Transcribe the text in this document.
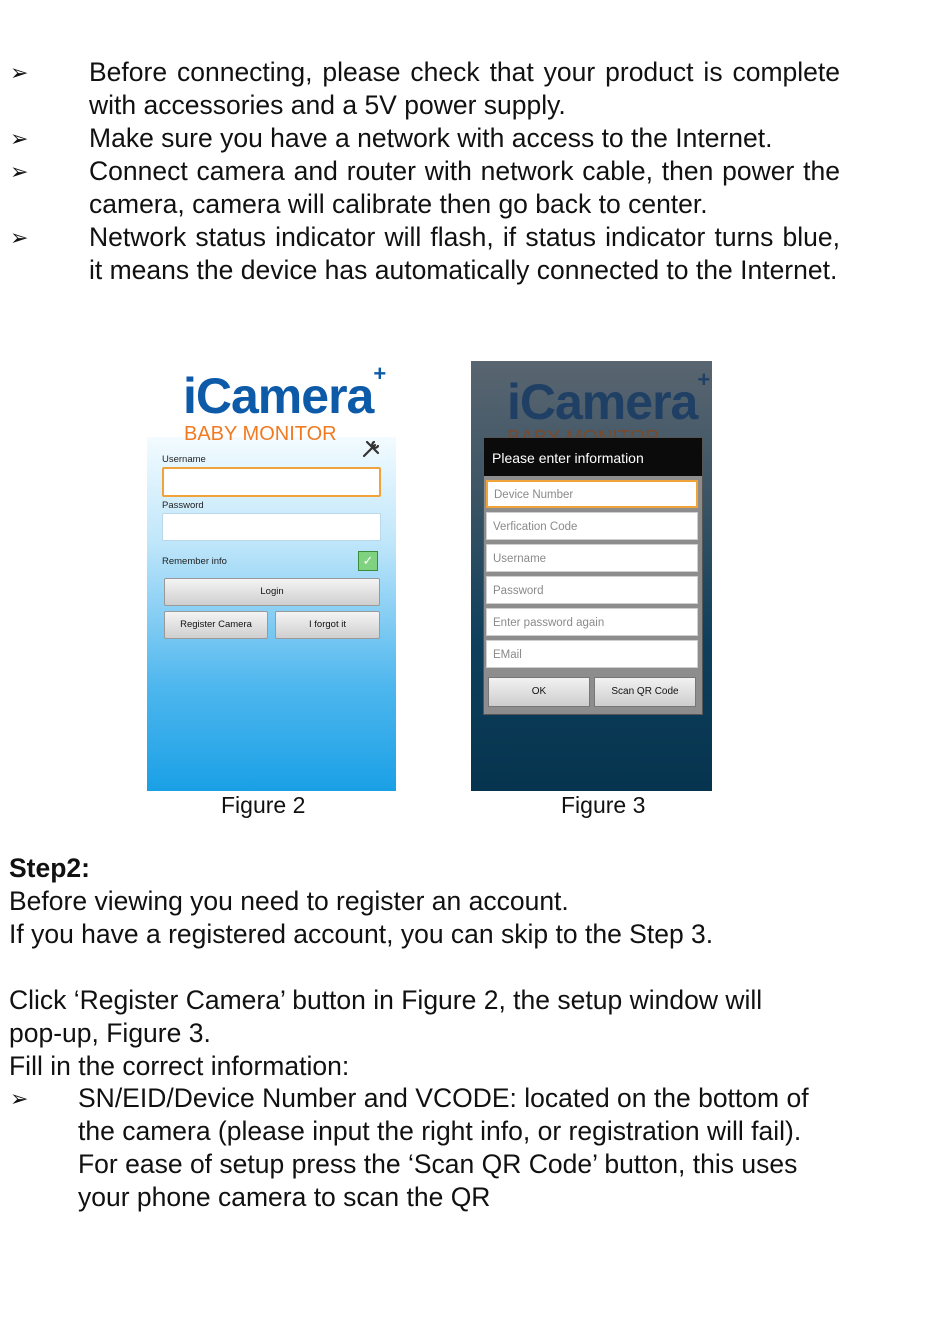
➢	Before connecting, please check that your product is complete with accessories and a 5V power supply.
➢	Make sure you have a network with access to the Internet.
➢	Connect camera and router with network cable, then power the camera, camera will calibrate then go back to center.
➢	Network status indicator will flash, if status indicator turns blue, it means the device has automatically connected to the Internet.
iCamera+
BABY MONITOR
Username
Password
Remember info	✓
Login
Register Camera	I forgot it
Figure 2
iCamera+
Please enter information
Device Number
Verfication Code
Username
Password
Enter password again
EMail
OK	Scan QR Code
Figure 3
Step2:
Before viewing you need to register an account.
If you have a registered account, you can skip to the Step 3.
Click ‘Register Camera’ button in Figure 2, the setup window will
pop-up, Figure 3.
Fill in the correct information:
➢	SN/EID/Device Number and VCODE: located on the bottom of the camera (please input the right info, or registration will fail). For ease of setup press the ‘Scan QR Code’ button, this uses your phone camera to scan the QR
